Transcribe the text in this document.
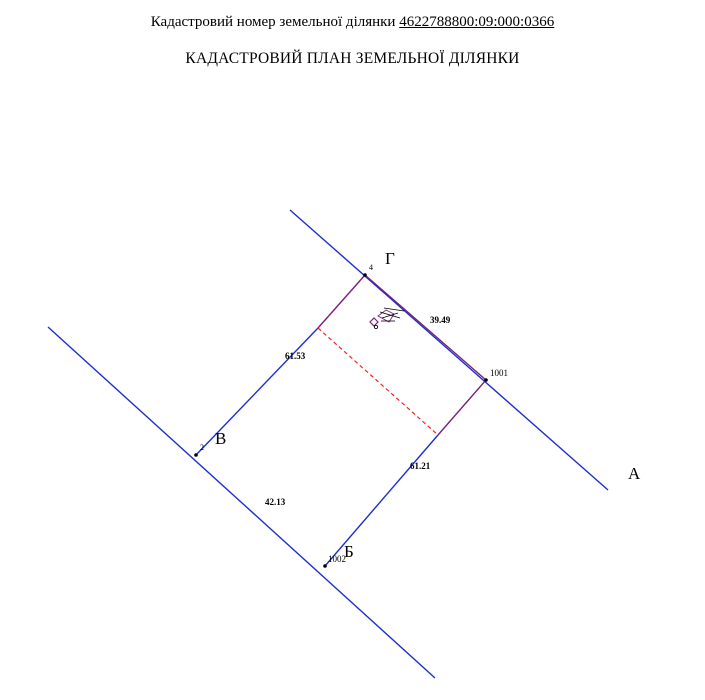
Кадастровий номер земельної ділянки 4622788800:09:000:0366
КАДАСТРОВИЙ ПЛАН ЗЕМЕЛЬНОЇ ДІЛЯНКИ
Г
В
Б
А
4
1001
2
1002
39.49
61.53
61.21
42.13
